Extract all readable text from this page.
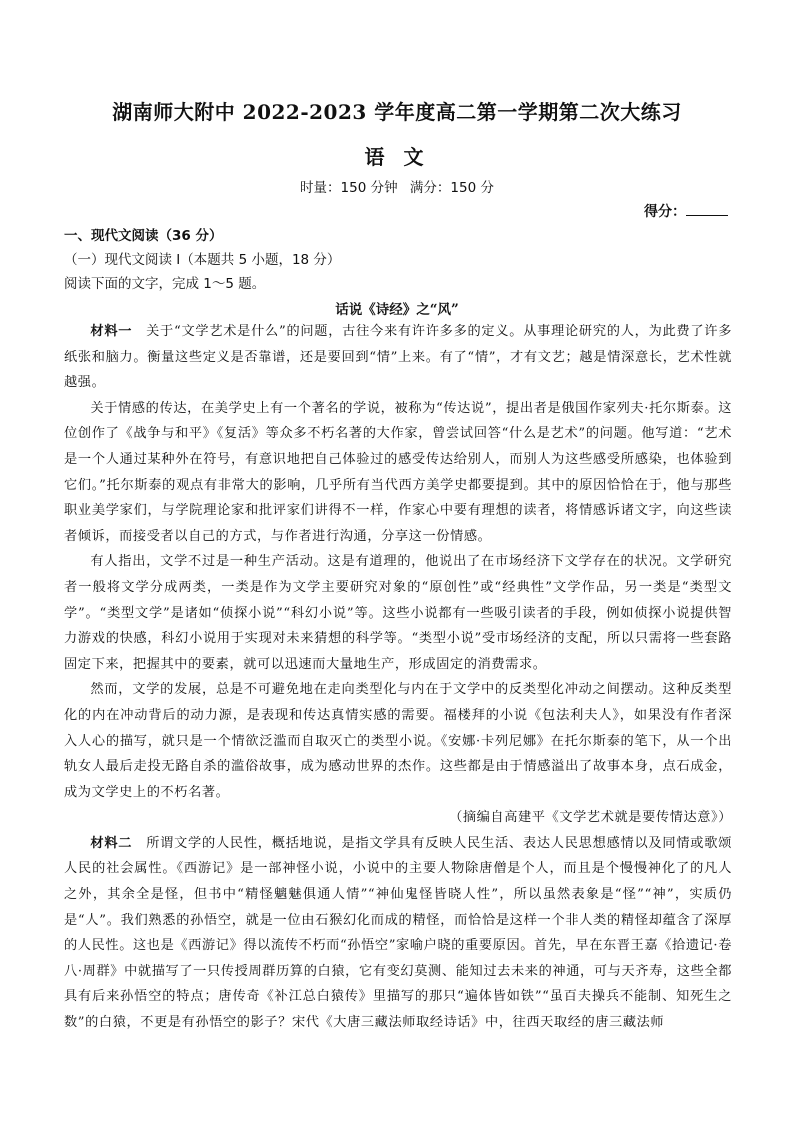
湖南师大附中 2022-2023 学年度高二第一学期第二次大练习
语 文
时量：150 分钟 满分：150 分
得分：
一、现代文阅读（36 分）
（一）现代文阅读 I（本题共 5 小题，18 分）
阅读下面的文字，完成 1～5 题。
话说《诗经》之“风”

材料一　 关于“文学艺术是什么”的问题，古往今来有许许多多的定义。从事理论研究的人，为此费了许多纸张和脑力。衡量这些定义是否靠谱，还是要回到“情”上来。有了“情”，才有文艺；越是情深意长，艺术性就越强。

关于情感的传达，在美学史上有一个著名的学说，被称为“传达说”，提出者是俄国作家列夫·托尔斯泰。这位创作了《战争与和平》《复活》等众多不朽名著的大作家，曾尝试回答“什么是艺术”的问题。他写道：“艺术是一个人通过某种外在符号，有意识地把自己体验过的感受传达给别人，而别人为这些感受所感染，也体验到它们。”托尔斯泰的观点有非常大的影响，几乎所有当代西方美学史都要提到。其中的原因恰恰在于，他与那些职业美学家们，与学院理论家和批评家们讲得不一样，作家心中要有理想的读者，将情感诉诸文字，向这些读者倾诉，而接受者以自己的方式，与作者进行沟通，分享这一份情感。

有人指出，文学不过是一种生产活动。这是有道理的，他说出了在市场经济下文学存在的状况。文学研究者一般将文学分成两类，一类是作为文学主要研究对象的“原创性”或“经典性”文学作品，另一类是“类型文学”。“类型文学”是诸如“侦探小说”“科幻小说”等。这些小说都有一些吸引读者的手段，例如侦探小说提供智力游戏的快感，科幻小说用于实现对未来猜想的科学等。“类型小说”受市场经济的支配，所以只需将一些套路固定下来，把握其中的要素，就可以迅速而大量地生产，形成固定的消费需求。

然而，文学的发展，总是不可避免地在走向类型化与内在于文学中的反类型化冲动之间摆动。这种反类型化的内在冲动背后的动力源，是表现和传达真情实感的需要。福楼拜的小说《包法利夫人》，如果没有作者深入人心的描写，就只是一个情欲泛滥而自取灭亡的类型小说。《安娜·卡列尼娜》在托尔斯泰的笔下，从一个出轨女人最后走投无路自杀的滥俗故事，成为感动世界的杰作。这些都是由于情感溢出了故事本身，点石成金，成为文学史上的不朽名著。

（摘编自高建平《文学艺术就是要传情达意》）

材料二　 所谓文学的人民性，概括地说，是指文学具有反映人民生活、表达人民思想感情以及同情或歌颂人民的社会属性。《西游记》是一部神怪小说，小说中的主要人物除唐僧是个人，而且是个慢慢神化了的凡人之外，其余全是怪，但书中“精怪魑魅俱通人情”“神仙鬼怪皆晓人性”，所以虽然表象是“怪”“神”，实质仍是“人”。我们熟悉的孙悟空，就是一位由石猴幻化而成的精怪，而恰恰是这样一个非人类的精怪却蕴含了深厚的人民性。这也是《西游记》得以流传不朽而“孙悟空”家喻户晓的重要原因。首先，早在东晋王嘉《拾遗记·卷八·周群》中就描写了一只传授周群历算的白猿，它有变幻莫测、能知过去未来的神通，可与天齐寿，这些全都具有后来孙悟空的特点；唐传奇《补江总白猿传》里描写的那只“遍体皆如铁”“虽百夫操兵不能制、知死生之数”的白猿，不更是有孙悟空的影子？宋代《大唐三藏法师取经诗话》中，往西天取经的唐三藏法师
